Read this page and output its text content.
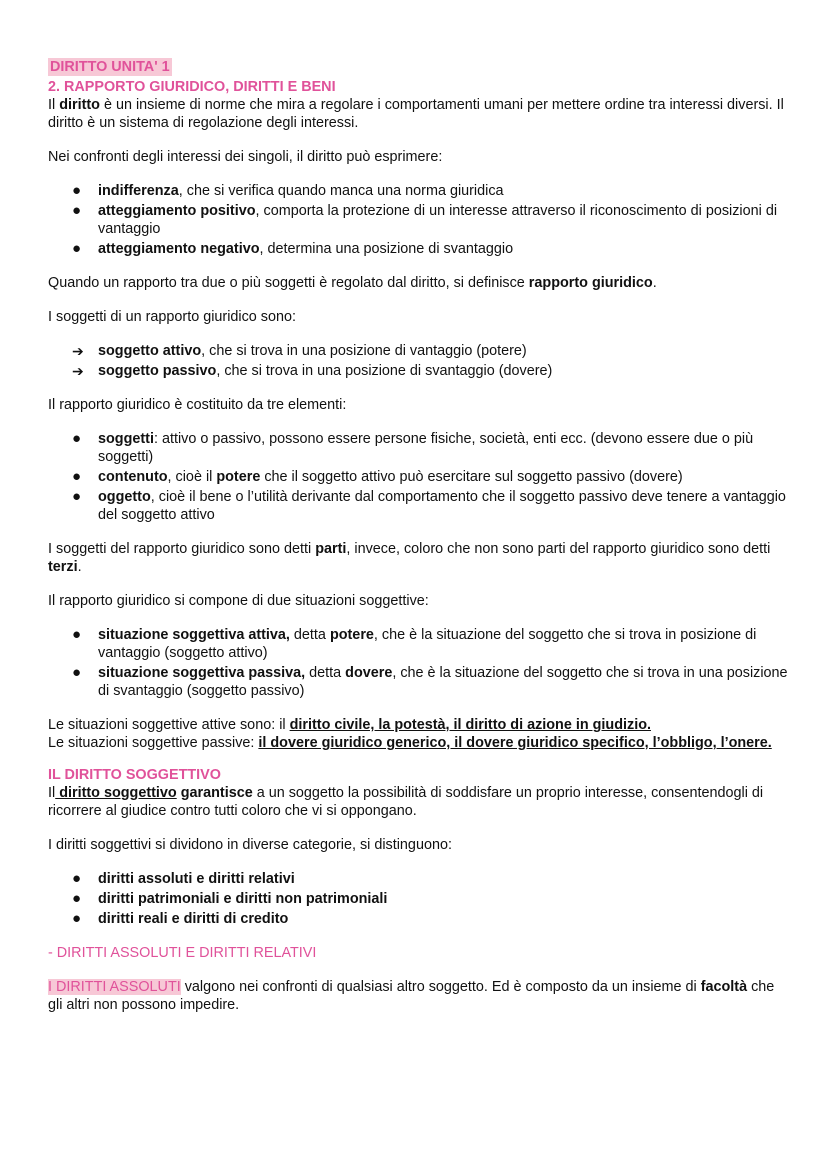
DIRITTO UNITA' 1

2. RAPPORTO GIURIDICO, DIRITTI E BENI

Il diritto è un insieme di norme che mira a regolare i comportamenti umani per mettere ordine tra interessi diversi. Il diritto è un sistema di regolazione degli interessi.

Nei confronti degli interessi dei singoli, il diritto può esprimere:

● indifferenza, che si verifica quando manca una norma giuridica
● atteggiamento positivo, comporta la protezione di un interesse attraverso il riconoscimento di posizioni di vantaggio
● atteggiamento negativo, determina una posizione di svantaggio

Quando un rapporto tra due o più soggetti è regolato dal diritto, si definisce rapporto giuridico.

I soggetti di un rapporto giuridico sono:

➔ soggetto attivo, che si trova in una posizione di vantaggio (potere)
➔ soggetto passivo, che si trova in una posizione di svantaggio (dovere)

Il rapporto giuridico è costituito da tre elementi:

● soggetti: attivo o passivo, possono essere persone fisiche, società, enti ecc. (devono essere due o più soggetti)
● contenuto, cioè il potere che il soggetto attivo può esercitare sul soggetto passivo (dovere)
● oggetto, cioè il bene o l’utilità derivante dal comportamento che il soggetto passivo deve tenere a vantaggio del soggetto attivo

I soggetti del rapporto giuridico sono detti parti, invece, coloro che non sono parti del rapporto giuridico sono detti terzi.

Il rapporto giuridico si compone di due situazioni soggettive:

● situazione soggettiva attiva, detta potere, che è la situazione del soggetto che si trova in posizione di vantaggio (soggetto attivo)
● situazione soggettiva passiva, detta dovere, che è la situazione del soggetto che si trova in una posizione di svantaggio (soggetto passivo)

Le situazioni soggettive attive sono: il diritto civile, la potestà, il diritto di azione in giudizio.

Le situazioni soggettive passive: il dovere giuridico generico, il dovere giuridico specifico, l’obbligo, l’onere.

IL DIRITTO SOGGETTIVO

Il diritto soggettivo garantisce a un soggetto la possibilità di soddisfare un proprio interesse, consentendogli di ricorrere al giudice contro tutti coloro che vi si oppongano.

I diritti soggettivi si dividono in diverse categorie, si distinguono:

● diritti assoluti e diritti relativi
● diritti patrimoniali e diritti non patrimoniali
● diritti reali e diritti di credito

- DIRITTI ASSOLUTI E DIRITTI RELATIVI

I DIRITTI ASSOLUTI valgono nei confronti di qualsiasi altro soggetto. Ed è composto da un insieme di facoltà che gli altri non possono impedire.
